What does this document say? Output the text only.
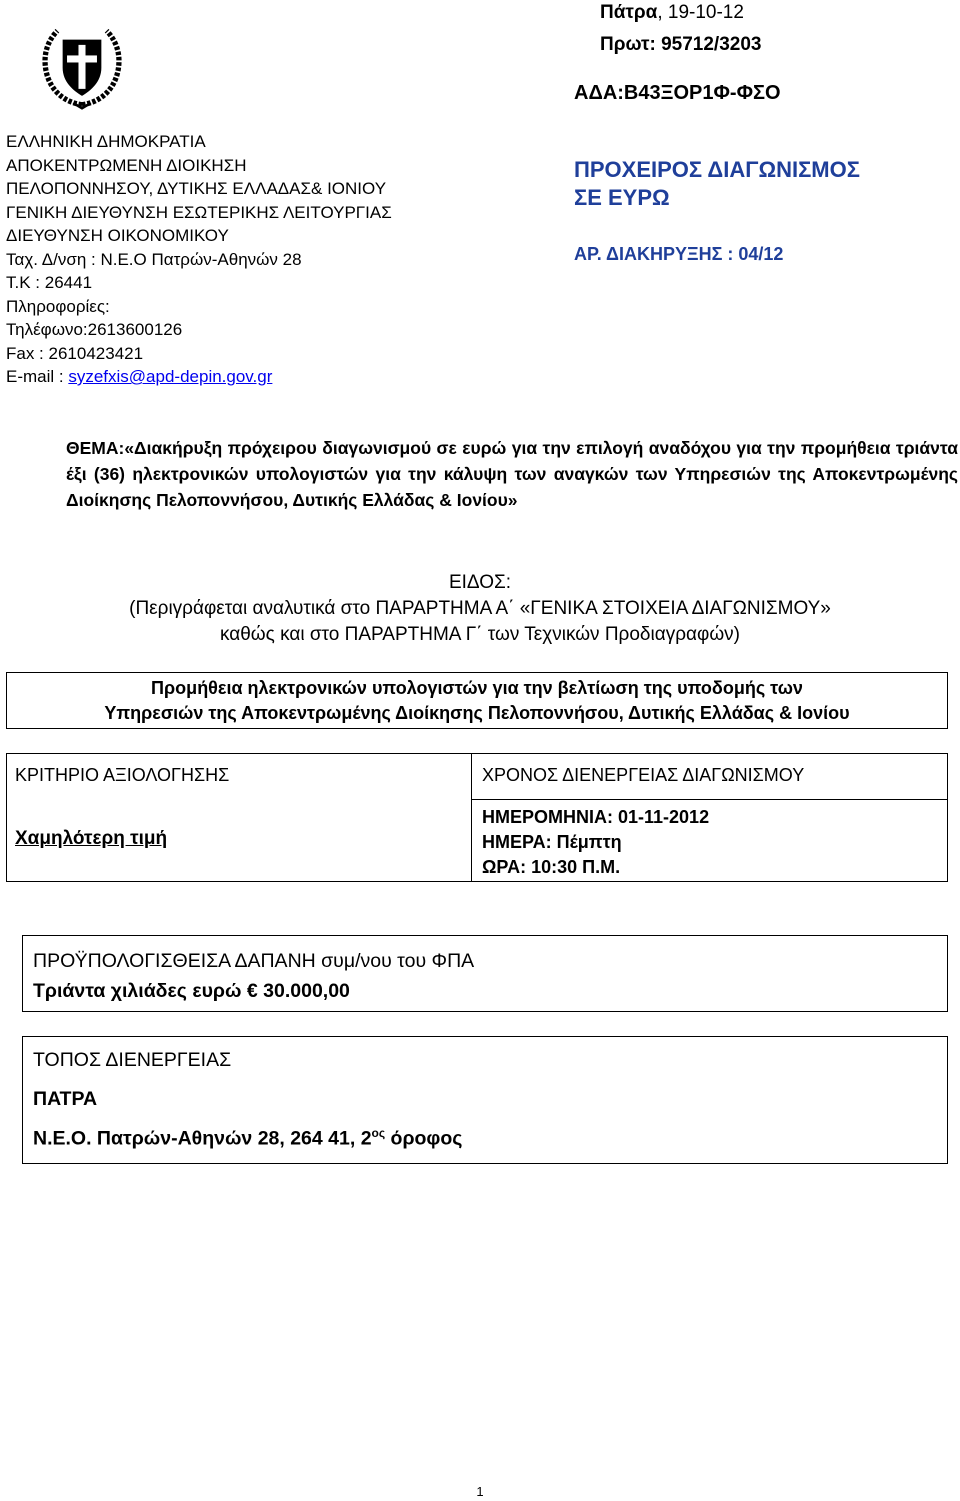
Πάτρα, 19-10-12
Πρωτ: 95712/3203
ΑΔΑ:Β43ΞΟΡ1Φ-ΦΣΟ
ΕΛΛΗΝΙΚΗ ΔΗΜΟΚΡΑΤΙΑ
ΑΠΟΚΕΝΤΡΩΜΕΝΗ ΔΙΟΙΚΗΣΗ
ΠΕΛΟΠΟΝΝΗΣΟΥ, ΔΥΤΙΚΗΣ ΕΛΛΑΔΑΣ& ΙΟΝΙΟΥ
ΓΕΝΙΚΗ ΔΙΕΥΘΥΝΣΗ ΕΣΩΤΕΡΙΚΗΣ ΛΕΙΤΟΥΡΓΙΑΣ
ΔΙΕΥΘΥΝΣΗ ΟΙΚΟΝΟΜΙΚΟΥ
Ταχ. Δ/νση : Ν.Ε.Ο Πατρών-Αθηνών 28
Τ.Κ : 26441
Πληροφορίες:
Τηλέφωνο:2613600126
Fax : 2610423421
E-mail : syzefxis@apd-depin.gov.gr
ΠΡΟΧΕΙΡΟΣ ΔΙΑΓΩΝΙΣΜΟΣ
ΣΕ ΕΥΡΩ
ΑΡ. ΔΙΑΚΗΡΥΞΗΣ : 04/12
ΘΕΜΑ:«Διακήρυξη πρόχειρου διαγωνισμού σε ευρώ για την επιλογή αναδόχου για την προμήθεια τριάντα έξι (36) ηλεκτρονικών υπολογιστών για την κάλυψη των αναγκών των Υπηρεσιών της Αποκεντρωμένης Διοίκησης Πελοποννήσου, Δυτικής Ελλάδας & Ιονίου»
ΕΙΔΟΣ:
(Περιγράφεται αναλυτικά στο ΠΑΡΑΡΤΗΜΑ Α΄ «ΓΕΝΙΚΑ ΣΤΟΙΧΕΙΑ ΔΙΑΓΩΝΙΣΜΟΥ»
καθώς και στο ΠΑΡΑΡΤΗΜΑ Γ΄ των Τεχνικών Προδιαγραφών)
Προμήθεια ηλεκτρονικών υπολογιστών για την βελτίωση της υποδομής των
Υπηρεσιών της Αποκεντρωμένης Διοίκησης Πελοποννήσου, Δυτικής Ελλάδας & Ιονίου
ΚΡΙΤΗΡΙΟ ΑΞΙΟΛΟΓΗΣΗΣ
Χαμηλότερη τιμή
ΧΡΟΝΟΣ ΔΙΕΝΕΡΓΕΙΑΣ ΔΙΑΓΩΝΙΣΜΟΥ
ΗΜΕΡΟΜΗΝΙΑ: 01-11-2012
ΗΜΕΡΑ: Πέμπτη
ΩΡΑ: 10:30 Π.Μ.
ΠΡΟΫΠΟΛΟΓΙΣΘΕΙΣΑ ΔΑΠΑΝΗ συμ/νου του ΦΠΑ
Τριάντα χιλιάδες ευρώ € 30.000,00
ΤΟΠΟΣ ΔΙΕΝΕΡΓΕΙΑΣ
ΠΑΤΡΑ
Ν.Ε.Ο. Πατρών-Αθηνών 28, 264 41, $2^{o\varsigma}$ όροφος
1
